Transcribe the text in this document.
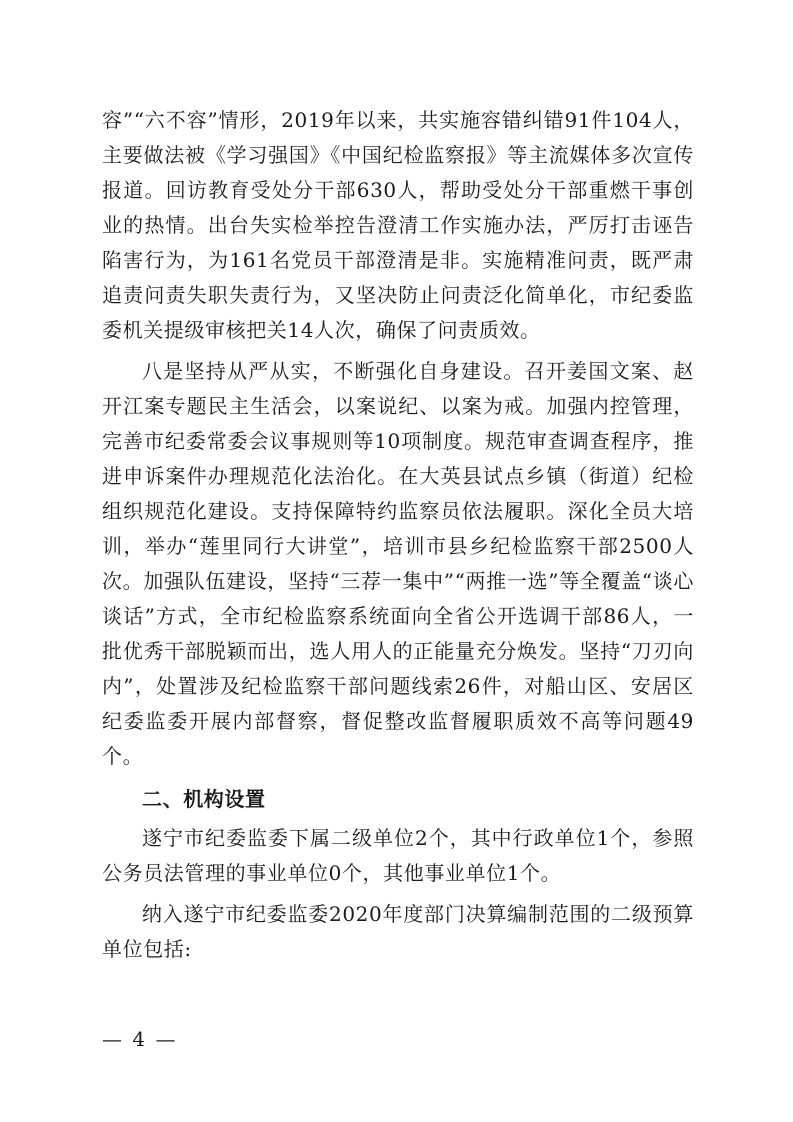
容”“六不容”情形，2019年以来，共实施容错纠错91件104人，主要做法被《学习强国》《中国纪检监察报》等主流媒体多次宣传报道。回访教育受处分干部630人，帮助受处分干部重燃干事创业的热情。出台失实检举控告澄清工作实施办法，严厉打击诬告陷害行为，为161名党员干部澄清是非。实施精准问责，既严肃追责问责失职失责行为，又坚决防止问责泛化简单化，市纪委监委机关提级审核把关14人次，确保了问责质效。

八是坚持从严从实，不断强化自身建设。召开姜国文案、赵开江案专题民主生活会，以案说纪、以案为戒。加强内控管理，完善市纪委常委会议事规则等10项制度。规范审查调查程序，推进申诉案件办理规范化法治化。在大英县试点乡镇（街道）纪检组织规范化建设。支持保障特约监察员依法履职。深化全员大培训，举办“莲里同行大讲堂”，培训市县乡纪检监察干部2500人次。加强队伍建设，坚持“三荐一集中”“两推一选”等全覆盖“谈心谈话”方式，全市纪检监察系统面向全省公开选调干部86人，一批优秀干部脱颖而出，选人用人的正能量充分焕发。坚持“刀刃向内”，处置涉及纪检监察干部问题线索26件，对船山区、安居区纪委监委开展内部督察，督促整改监督履职质效不高等问题49个。

二、机构设置

遂宁市纪委监委下属二级单位2个，其中行政单位1个，参照公务员法管理的事业单位0个，其他事业单位1个。

纳入遂宁市纪委监委2020年度部门决算编制范围的二级预算单位包括:

— 4 —
